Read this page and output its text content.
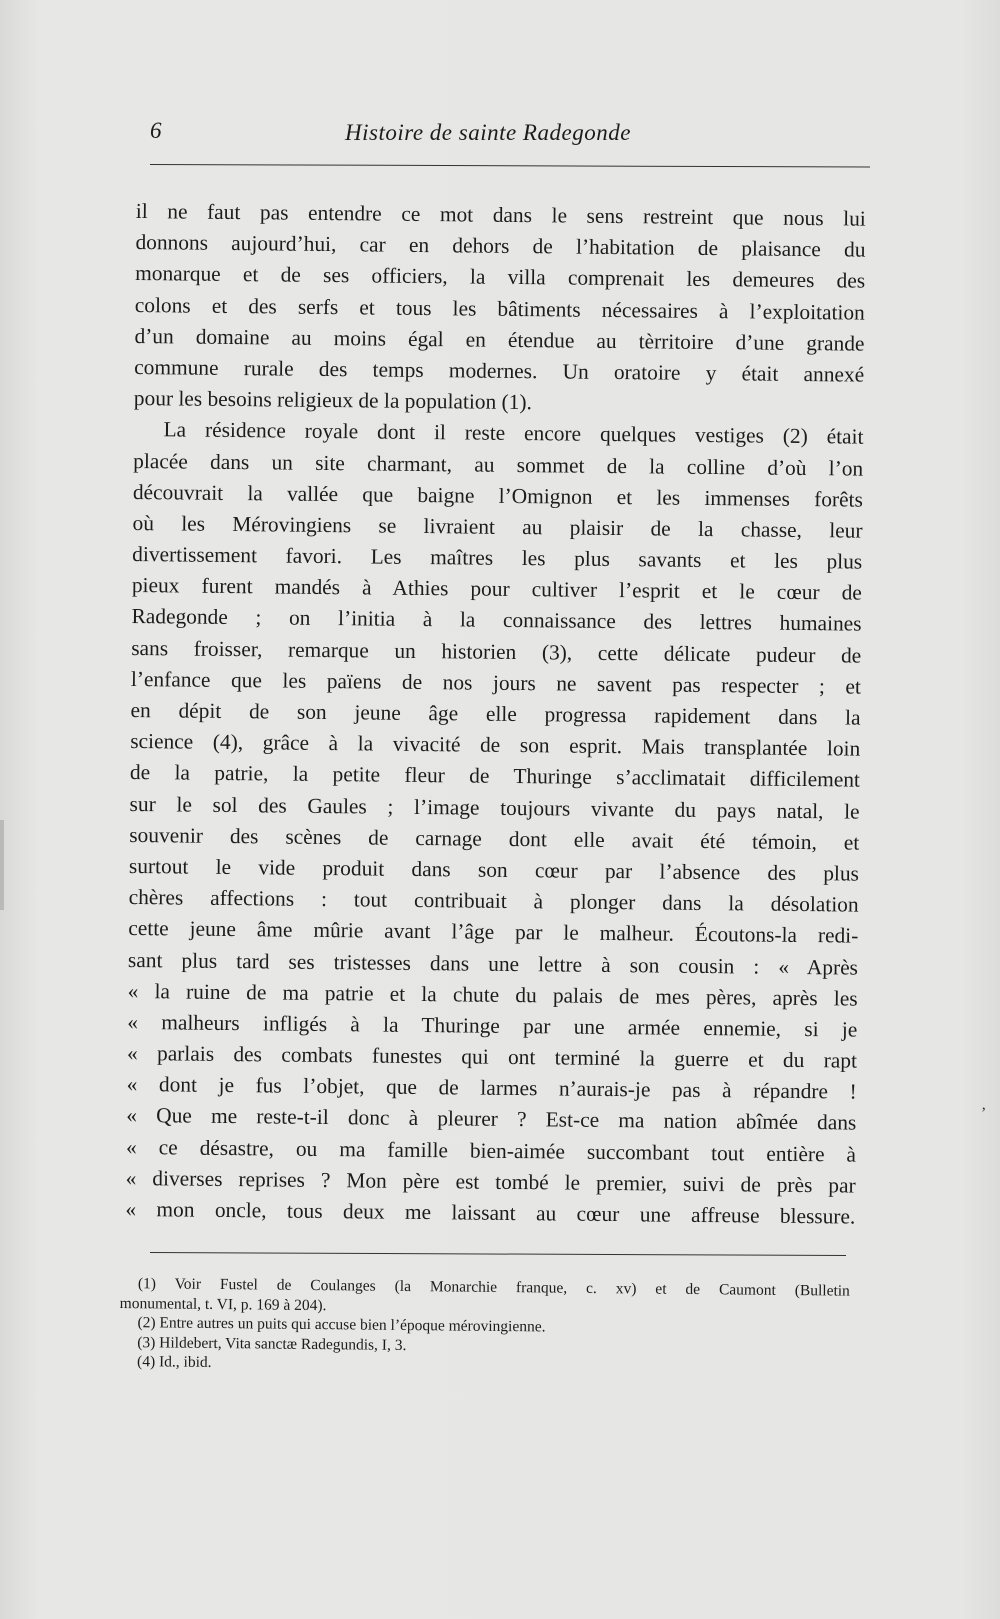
6	Histoire de sainte Radegonde
il ne faut pas entendre ce mot dans le sens restreint que nous lui
donnons aujourd’hui, car en dehors de l’habitation de plaisance du
monarque et de ses officiers, la villa comprenait les demeures des
colons et des serfs et tous les bâtiments nécessaires à l’exploitation
d’un domaine au moins égal en étendue au tèrritoire d’une grande
commune rurale des temps modernes. Un oratoire y était annexé
pour les besoins religieux de la population (1).
La résidence royale dont il reste encore quelques vestiges (2) était
placée dans un site charmant, au sommet de la colline d’où l’on
découvrait la vallée que baigne l’Omignon et les immenses forêts
où les Mérovingiens se livraient au plaisir de la chasse, leur
divertissement favori. Les maîtres les plus savants et les plus
pieux furent mandés à Athies pour cultiver l’esprit et le cœur de
Radegonde ; on l’initia à la connaissance des lettres humaines
sans froisser, remarque un historien (3), cette délicate pudeur de
l’enfance que les païens de nos jours ne savent pas respecter ; et
en dépit de son jeune âge elle progressa rapidement dans la
science (4), grâce à la vivacité de son esprit. Mais transplantée loin
de la patrie, la petite fleur de Thuringe s’acclimatait difficilement
sur le sol des Gaules ; l’image toujours vivante du pays natal, le
souvenir des scènes de carnage dont elle avait été témoin, et
surtout le vide produit dans son cœur par l’absence des plus
chères affections : tout contribuait à plonger dans la désolation
cette jeune âme mûrie avant l’âge par le malheur. Écoutons-la redi-
sant plus tard ses tristesses dans une lettre à son cousin : « Après
« la ruine de ma patrie et la chute du palais de mes pères, après les
« malheurs infligés à la Thuringe par une armée ennemie, si je
« parlais des combats funestes qui ont terminé la guerre et du rapt
« dont je fus l’objet, que de larmes n’aurais-je pas à répandre !
« Que me reste-t-il donc à pleurer ? Est-ce ma nation abîmée dans
« ce désastre, ou ma famille bien-aimée succombant tout entière à
« diverses reprises ? Mon père est tombé le premier, suivi de près par
« mon oncle, tous deux me laissant au cœur une affreuse blessure.
(1) Voir Fustel de Coulanges (la Monarchie franque, c. xv) et de Caumont (Bulletin
monumental, t. VI, p. 169 à 204).
(2) Entre autres un puits qui accuse bien l’époque mérovingienne.
(3) Hildebert, Vita sanctæ Radegundis, I, 3.
(4) Id., ibid.
‚
